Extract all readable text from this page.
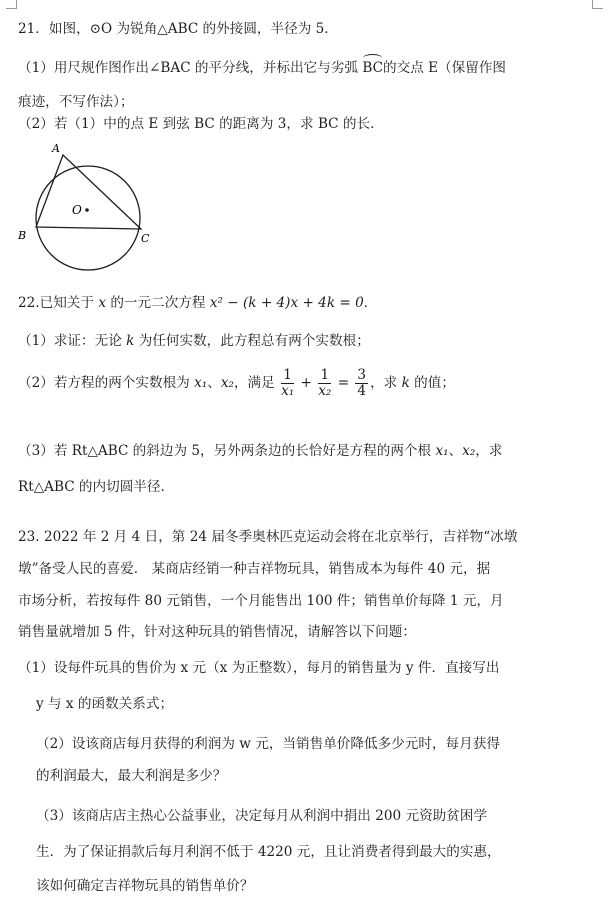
21．如图，⊙O 为锐角△ABC 的外接圆，半径为 5．
（1）用尺规作图作出∠BAC 的平分线，并标出它与劣弧 BC的交点 E（保留作图
痕迹，不写作法）；
（2）若（1）中的点 E 到弦 BC 的距离为 3，求 BC 的长．
A
B	C
O
22.已知关于 x 的一元二次方程 x² − (k + 4)x + 4k = 0．
（1）求证：无论 k 为任何实数，此方程总有两个实数根；
（2）若方程的两个实数根为 x₁、x₂，满足 $\frac{1}{\text{x₁}} + \frac{1}{\text{x₂}} = \frac{3}{4}$ ，求 k 的值；
（3）若 Rt△ABC 的斜边为 5，另外两条边的长恰好是方程的两个根 x₁、x₂，求
Rt△ABC 的内切圆半径.
23. 2022 年 2 月 4 日，第 24 届冬季奥林匹克运动会将在北京举行，吉祥物“冰墩
墩”备受人民的喜爱． 某商店经销一种吉祥物玩具，销售成本为每件 40 元，据
市场分析，若按每件 80 元销售，一个月能售出 100 件；销售单价每降 1 元，月
销售量就增加 5 件，针对这种玩具的销售情况，请解答以下问题：
（1）设每件玩具的售价为 x 元（x 为正整数），每月的销售量为 y 件．直接写出
y 与 x 的函数关系式；
（2）设该商店每月获得的利润为 w 元，当销售单价降低多少元时，每月获得
的利润最大，最大利润是多少？
（3）该商店店主热心公益事业，决定每月从利润中捐出 200 元资助贫困学
生．为了保证捐款后每月利润不低于 4220 元，且让消费者得到最大的实惠，
该如何确定吉祥物玩具的销售单价？
